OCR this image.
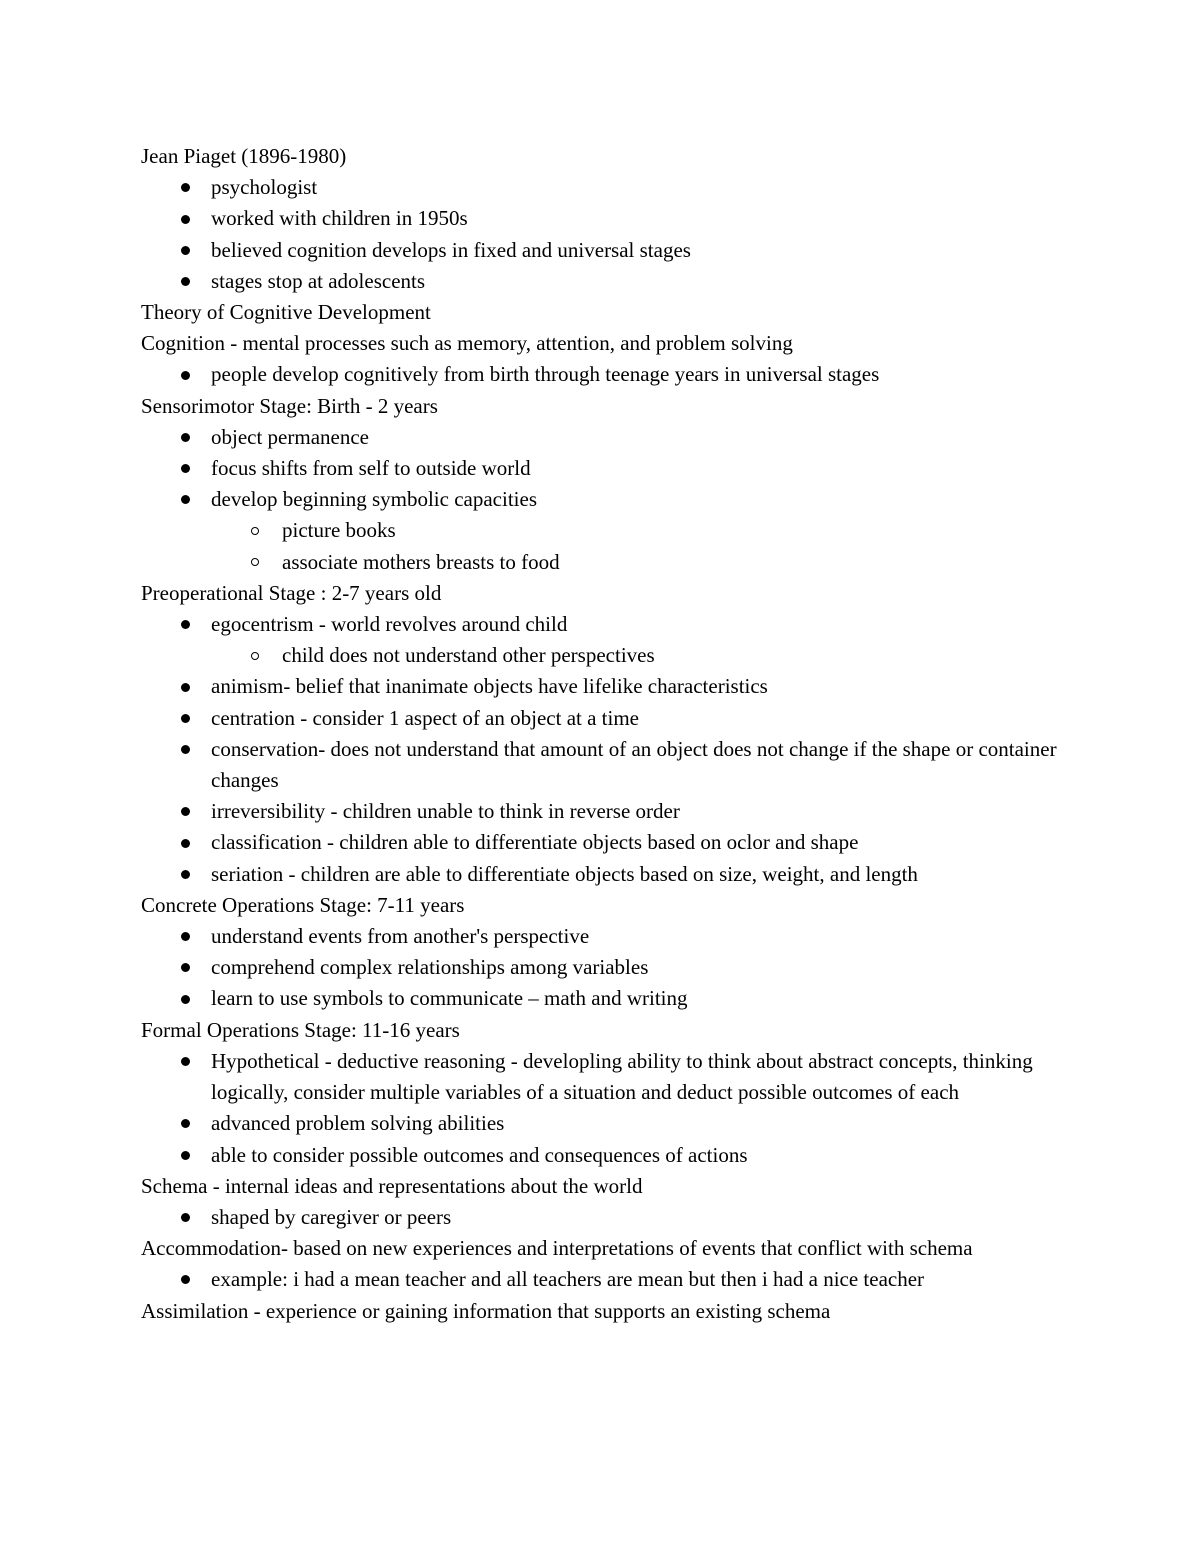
Jean Piaget (1896-1980)
psychologist
worked with children in 1950s
believed cognition develops in fixed and universal stages
stages stop at adolescents
Theory of Cognitive Development
Cognition - mental processes such as memory, attention, and problem solving
people develop cognitively from birth through teenage years in universal stages
Sensorimotor Stage: Birth - 2 years
object permanence
focus shifts from self to outside world
develop beginning symbolic capacities
picture books
associate mothers breasts to food
Preoperational Stage : 2-7 years old
egocentrism - world revolves around child
child does not understand other perspectives
animism- belief that inanimate objects have lifelike characteristics
centration - consider 1 aspect of an object at a time
conservation- does not understand that amount of an object does not change if the shape or container changes
irreversibility - children unable to think in reverse order
classification - children able to differentiate objects based on oclor and shape
seriation - children are able to differentiate objects based on size, weight, and length
Concrete Operations Stage: 7-11 years
understand events from another's perspective
comprehend complex relationships among variables
learn to use symbols to communicate – math and writing
Formal Operations Stage: 11-16 years
Hypothetical - deductive reasoning - developling ability to think about abstract concepts, thinking logically, consider multiple variables of a situation and deduct possible outcomes of each
advanced problem solving abilities
able to consider possible outcomes and consequences of actions
Schema - internal ideas and representations about the world
shaped by caregiver or peers
Accommodation- based on new experiences and interpretations of events that conflict with schema
example: i had a mean teacher and all teachers are mean but then i had a nice teacher
Assimilation - experience or gaining information that supports an existing schema
